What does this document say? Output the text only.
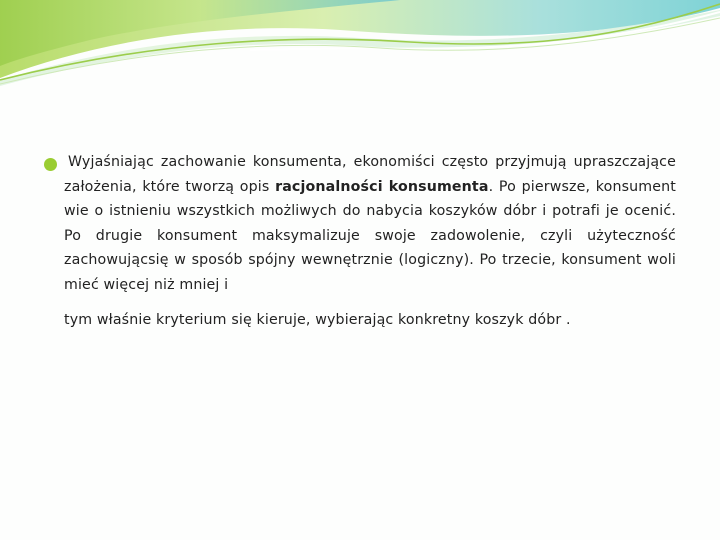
Wyjaśniając zachowanie konsumenta, ekonomiści często przyjmują upraszczające założenia, które tworzą opis racjonalności konsumenta. Po pierwsze, konsument wie o istnieniu wszystkich możliwych do nabycia koszyków dóbr i potrafi je ocenić. Po drugie konsument maksymalizuje swoje zadowolenie, czyli użyteczność zachowującsię w sposób spójny wewnętrznie (logiczny). Po trzecie, konsument woli mieć więcej niż mniej i

tym właśnie kryterium się kieruje, wybierając konkretny koszyk dóbr .
